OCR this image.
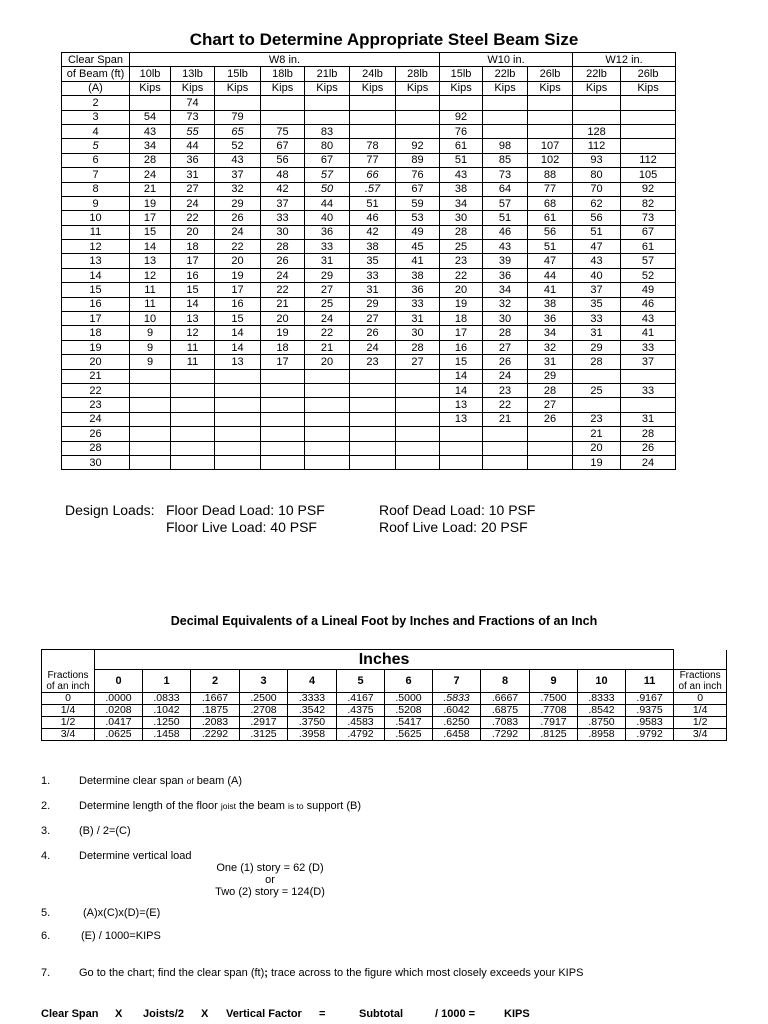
Chart to Determine Appropriate Steel Beam Size
Clear Span	W8 in.							W10 in.			W12 in.	
of Beam (ft)	10lb	13lb	15lb	18lb	21lb	24lb	28lb	15lb	22lb	26lb	22lb	26lb
(A)	Kips	Kips	Kips	Kips	Kips	Kips	Kips	Kips	Kips	Kips	Kips	Kips
2		74										
3	54	73	79					92				
4	43	55	65	75	83			76			128	
5	34	44	52	67	80	78	92	61	98	107	112	
6	28	36	43	56	67	77	89	51	85	102	93	112
7	24	31	37	48	57	66	76	43	73	88	80	105
8	21	27	32	42	50	.57	67	38	64	77	70	92
9	19	24	29	37	44	51	59	34	57	68	62	82
10	17	22	26	33	40	46	53	30	51	61	56	73
11	15	20	24	30	36	42	49	28	46	56	51	67
12	14	18	22	28	33	38	45	25	43	51	47	61
13	13	17	20	26	31	35	41	23	39	47	43	57
14	12	16	19	24	29	33	38	22	36	44	40	52
15	11	15	17	22	27	31	36	20	34	41	37	49
16	11	14	16	21	25	29	33	19	32	38	35	46
17	10	13	15	20	24	27	31	18	30	36	33	43
18	9	12	14	19	22	26	30	17	28	34	31	41
19	9	11	14	18	21	24	28	16	27	32	29	33
20	9	11	13	17	20	23	27	15	26	31	28	37
21								14	24	29		
22								14	23	28	25	33
23								13	22	27		
24								13	21	26	23	31
26											21	28
28											20	26
30											19	24
Design Loads: Floor Dead Load: 10 PSF	Roof Dead Load: 10 PSF
Floor Live Load: 40 PSF	Roof Live Load: 20 PSF
Decimal Equivalents of a Lineal Foot by Inches and Fractions of an Inch
	Inches												
Fractions
of an inch	0	1	2	3	4	5	6	7	8	9	10	11	Fractions
of an inch
0	.0000	.0833	.1667	.2500	.3333	.4167	.5000	.5833	.6667	.7500	.8333	.9167	0
1/4	.0208	.1042	.1875	.2708	.3542	.4375	.5208	.6042	.6875	.7708	.8542	.9375	1/4
1/2	.0417	.1250	.2083	.2917	.3750	.4583	.5417	.6250	.7083	.7917	.8750	.9583	1/2
3/4	.0625	.1458	.2292	.3125	.3958	.4792	.5625	.6458	.7292	.8125	.8958	.9792	3/4
1.	Determine clear span of beam (A)
2.	Determine length of the floor joist the beam is to support (B)
3.	(B) / 2=(C)
4.	Determine vertical load
One (1) story = 62 (D)
or
Two (2) story = 124(D)
5.	(A)x(C)x(D)=(E)
6.	(E) / 1000=KIPS
7.	Go to the chart; find the clear span (ft); trace across to the figure which most closely exceeds your KIPS
Clear Span X Joists/2 X Vertical Factor =	Subtotal	/ 1000 =	KIPS
